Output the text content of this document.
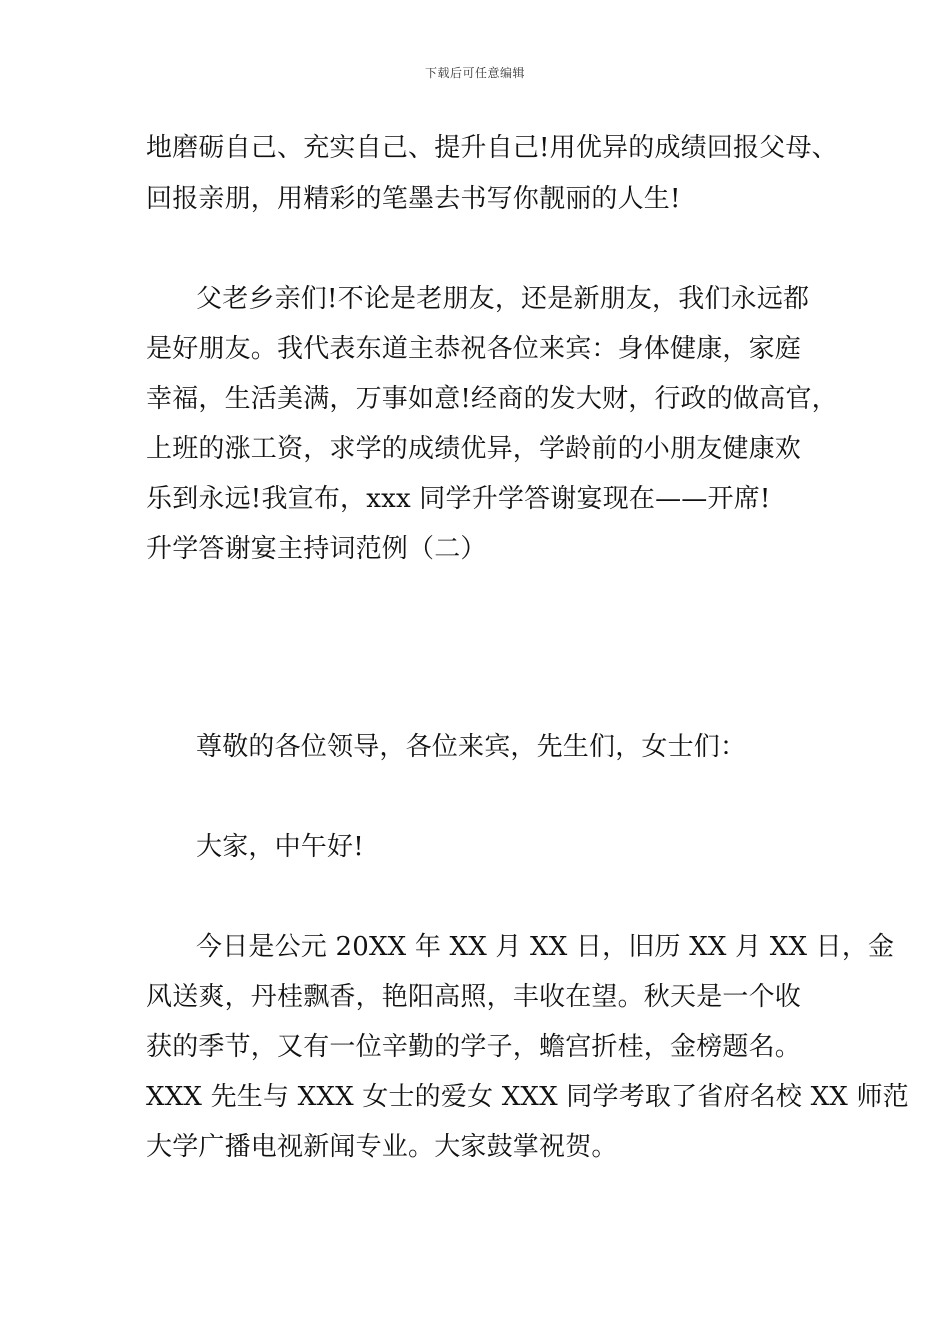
下载后可任意编辑
地磨砺自己、充实自己、提升自己!用优异的成绩回报父母、
回报亲朋，用精彩的笔墨去书写你靓丽的人生!
父老乡亲们!不论是老朋友，还是新朋友，我们永远都
是好朋友。我代表东道主恭祝各位来宾：身体健康，家庭
幸福，生活美满，万事如意!经商的发大财，行政的做高官，
上班的涨工资，求学的成绩优异，学龄前的小朋友健康欢
乐到永远!我宣布，xxx 同学升学答谢宴现在——开席!
升学答谢宴主持词范例（二）
尊敬的各位领导，各位来宾，先生们，女士们：
大家，中午好!
今日是公元 20XX 年 XX 月 XX 日，旧历 XX 月 XX 日，金
风送爽，丹桂飘香，艳阳高照，丰收在望。秋天是一个收
获的季节，又有一位辛勤的学子，蟾宫折桂，金榜题名。
XXX 先生与 XXX 女士的爱女 XXX 同学考取了省府名校 XX 师范
大学广播电视新闻专业。大家鼓掌祝贺。
